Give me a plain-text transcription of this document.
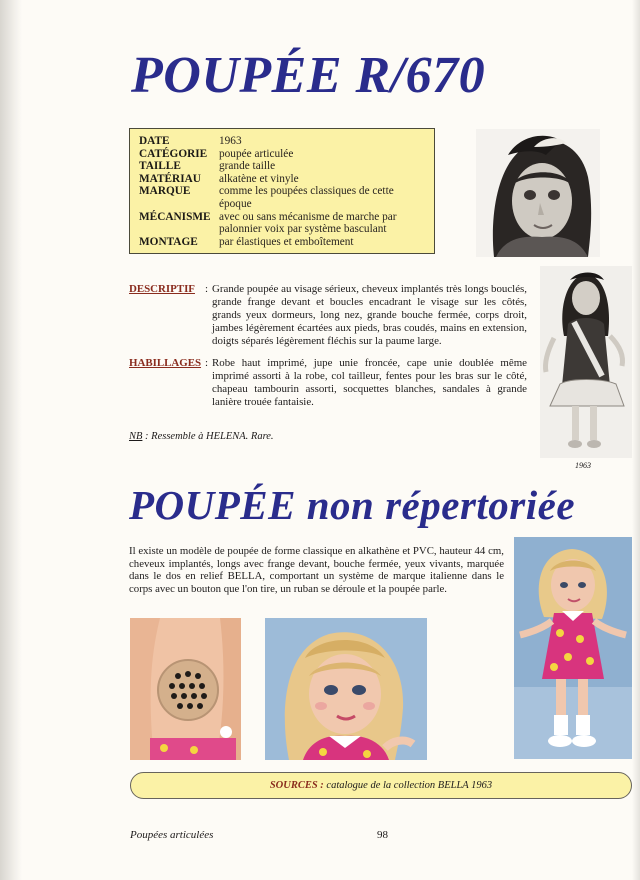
POUPÉE R/670
DATE	1963
CATÉGORIE	poupée articulée
TAILLE	grande taille
MATÉRIAU	alkatène et vinyle
MARQUE	comme les poupées classiques de cette époque
MÉCANISME avec ou sans mécanisme de marche par palonnier voix par système basculant
MONTAGE	par élastiques et emboîtement
DESCRIPTIF : Grande poupée au visage sérieux, cheveux implantés très longs bouclés, grande frange devant et boucles encadrant le visage sur les côtés, grands yeux dormeurs, long nez, grande bouche fermée, corps droit, jambes légèrement écartées aux pieds, bras coudés, mains en extension, doigts séparés légèrement fléchis sur la paume large.
HABILLAGES : Robe haut imprimé, jupe unie froncée, cape unie doublée même imprimé assorti à la robe, col tailleur, fentes pour les bras sur le côté, chapeau tambourin assorti, socquettes blanches, sandales à grande lanière trouée fantaisie.
NB : Ressemble à HELENA. Rare.
1963
POUPÉE non répertoriée
Il existe un modèle de poupée de forme classique en alkathène et PVC, hauteur 44 cm, cheveux implantés, longs avec frange devant, bouche fermée, yeux vivants, marquée dans le dos en relief BELLA, comportant un système de marque italienne dans le corps avec un bouton que l'on tire, un ruban se déroule et la poupée parle.
SOURCES : catalogue de la collection BELLA 1963
Poupées articulées	98
